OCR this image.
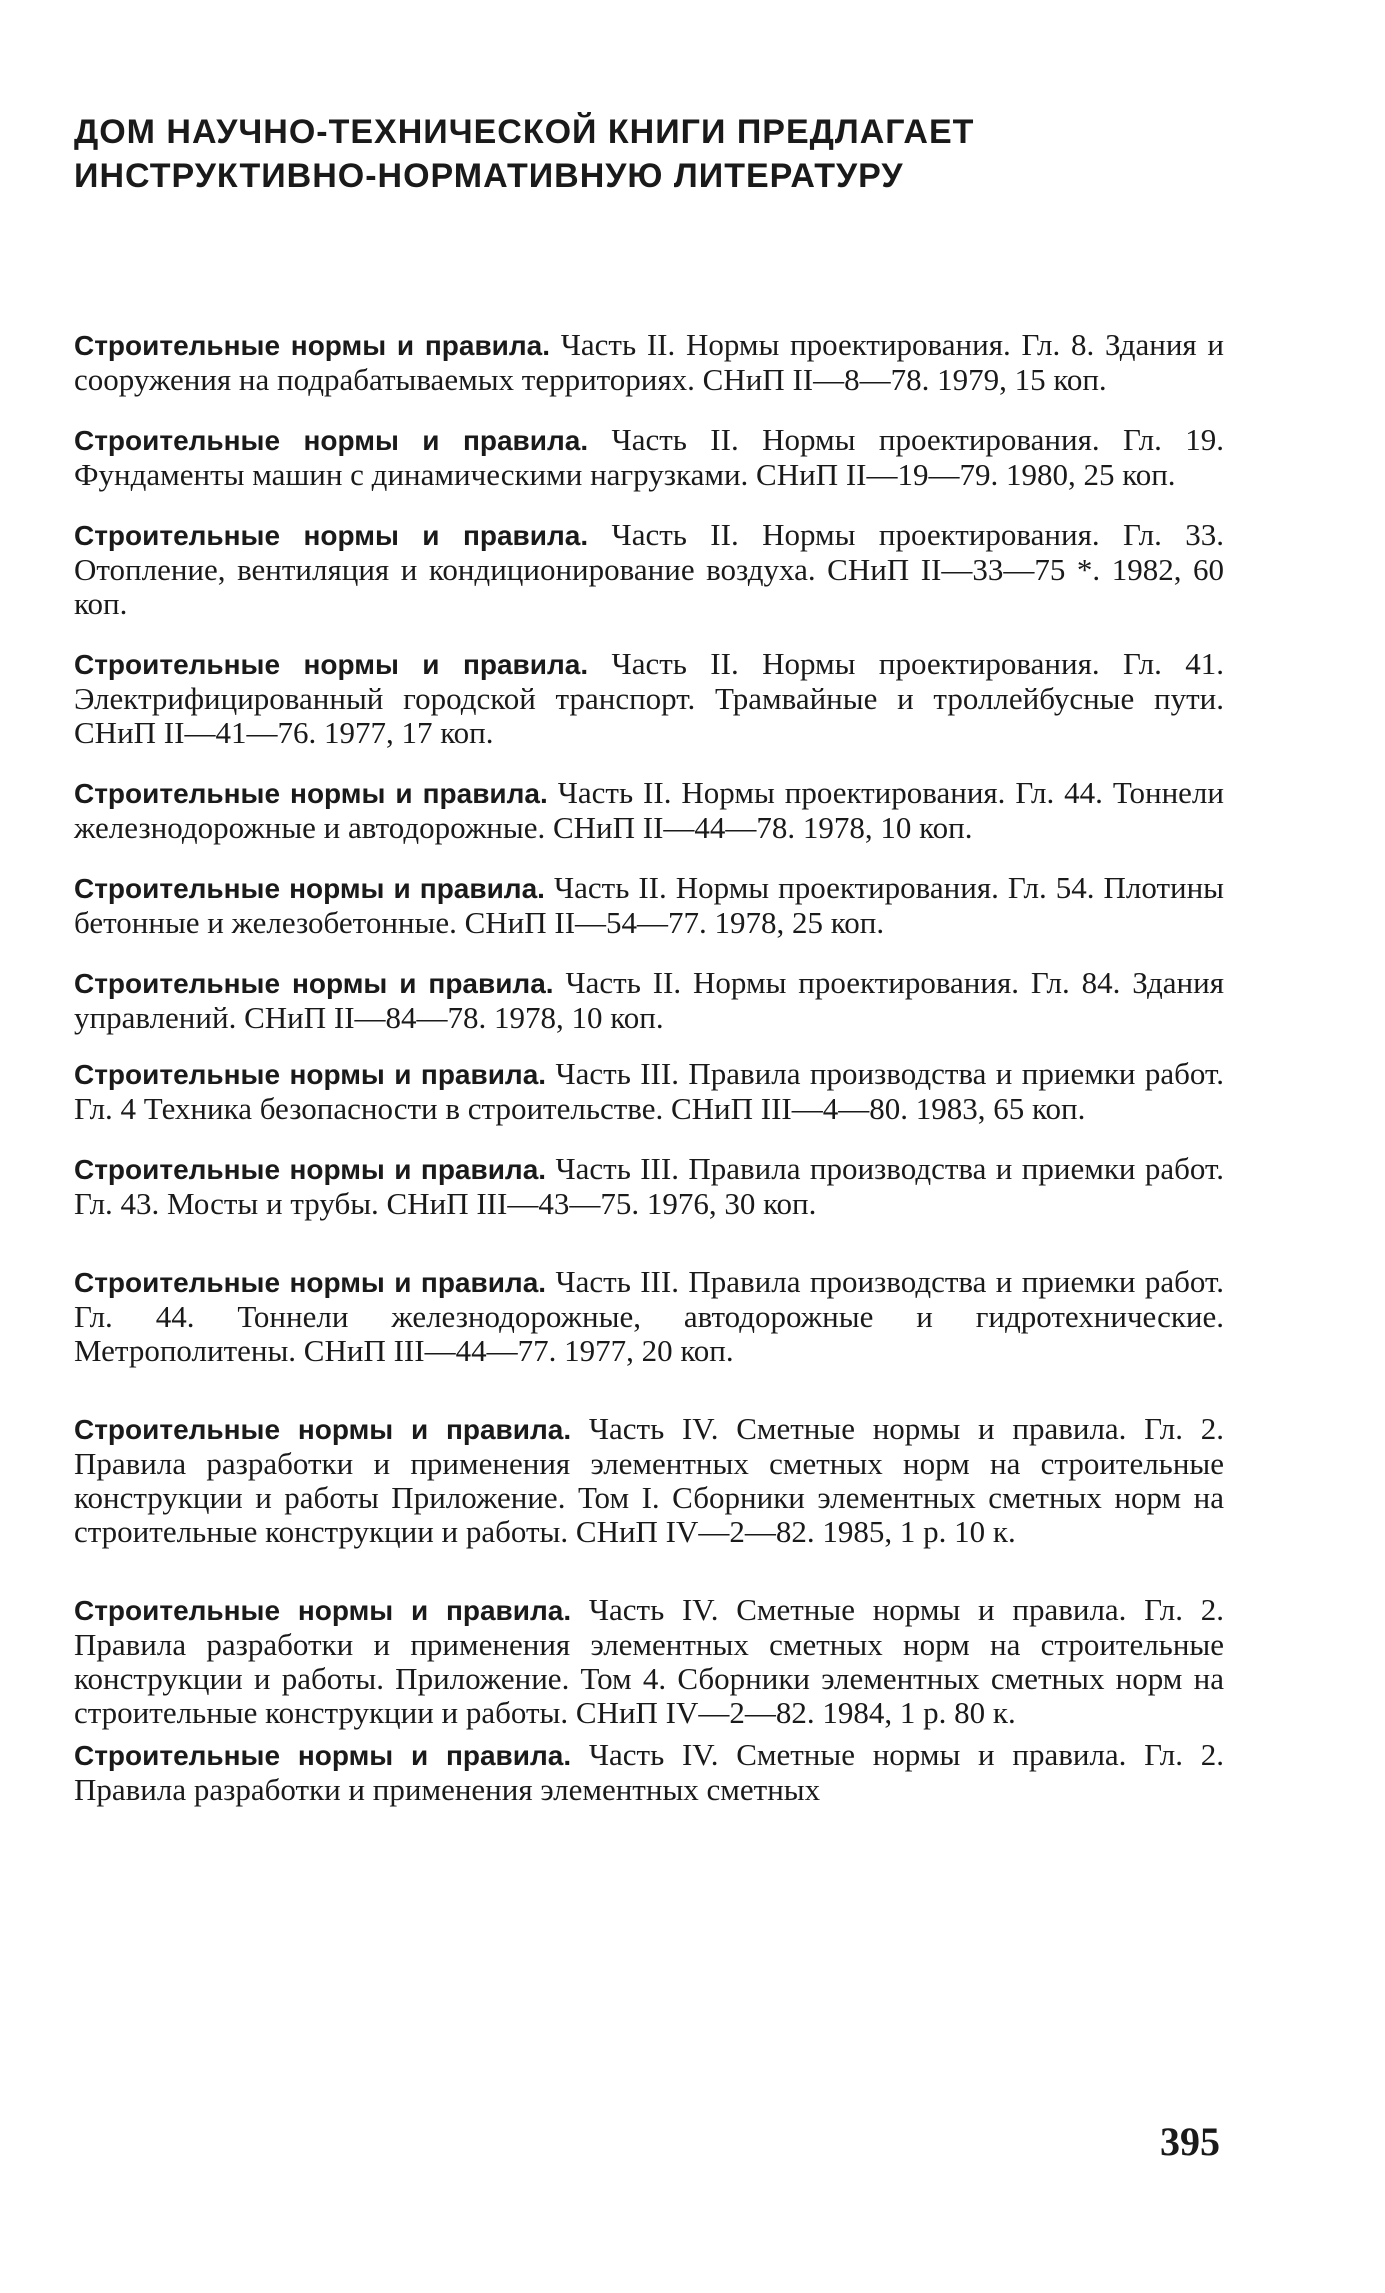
ДОМ НАУЧНО-ТЕХНИЧЕСКОЙ КНИГИ ПРЕДЛАГАЕТ
ИНСТРУКТИВНО-НОРМАТИВНУЮ ЛИТЕРАТУРУ

Строительные нормы и правила. Часть II. Нормы проектирования. Гл. 8. Здания и сооружения на подрабатываемых территориях. СНиП II—8—78. 1979, 15 коп.

Строительные нормы и правила. Часть II. Нормы проектирования. Гл. 19. Фундаменты машин с динамическими нагрузками. СНиП II—19—79. 1980, 25 коп.

Строительные нормы и правила. Часть II. Нормы проектирования. Гл. 33. Отопление, вентиляция и кондиционирование воздуха. СНиП II—33—75 *. 1982, 60 коп.

Строительные нормы и правила. Часть II. Нормы проектирования. Гл. 41. Электрифицированный городской транспорт. Трамвайные и троллейбусные пути. СНиП II—41—76. 1977, 17 коп.

Строительные нормы и правила. Часть II. Нормы проектирования. Гл. 44. Тоннели железнодорожные и автодорожные. СНиП II—44—78. 1978, 10 коп.

Строительные нормы и правила. Часть II. Нормы проектирования. Гл. 54. Плотины бетонные и железобетонные. СНиП II—54—77. 1978, 25 коп.

Строительные нормы и правила. Часть II. Нормы проектирования. Гл. 84. Здания управлений. СНиП II—84—78. 1978, 10 коп.

Строительные нормы и правила. Часть III. Правила производства и приемки работ. Гл. 4 Техника безопасности в строительстве. СНиП III—4—80. 1983, 65 коп.

Строительные нормы и правила. Часть III. Правила производства и приемки работ. Гл. 43. Мосты и трубы. СНиП III—43—75. 1976, 30 коп.

Строительные нормы и правила. Часть III. Правила производства и приемки работ. Гл. 44. Тоннели железнодорожные, автодорожные и гидротехнические. Метрополитены. СНиП III—44—77. 1977, 20 коп.

Строительные нормы и правила. Часть IV. Сметные нормы и правила. Гл. 2. Правила разработки и применения элементных сметных норм на строительные конструкции и работы Приложение. Том I. Сборники элементных сметных норм на строительные конструкции и работы. СНиП IV—2—82. 1985, 1 р. 10 к.

Строительные нормы и правила. Часть IV. Сметные нормы и правила. Гл. 2. Правила разработки и применения элементных сметных норм на строительные конструкции и работы. Приложение. Том 4. Сборники элементных сметных норм на строительные конструкции и работы. СНиП IV—2—82. 1984, 1 р. 80 к.

Строительные нормы и правила. Часть IV. Сметные нормы и правила. Гл. 2. Правила разработки и применения элементных сметных

395
